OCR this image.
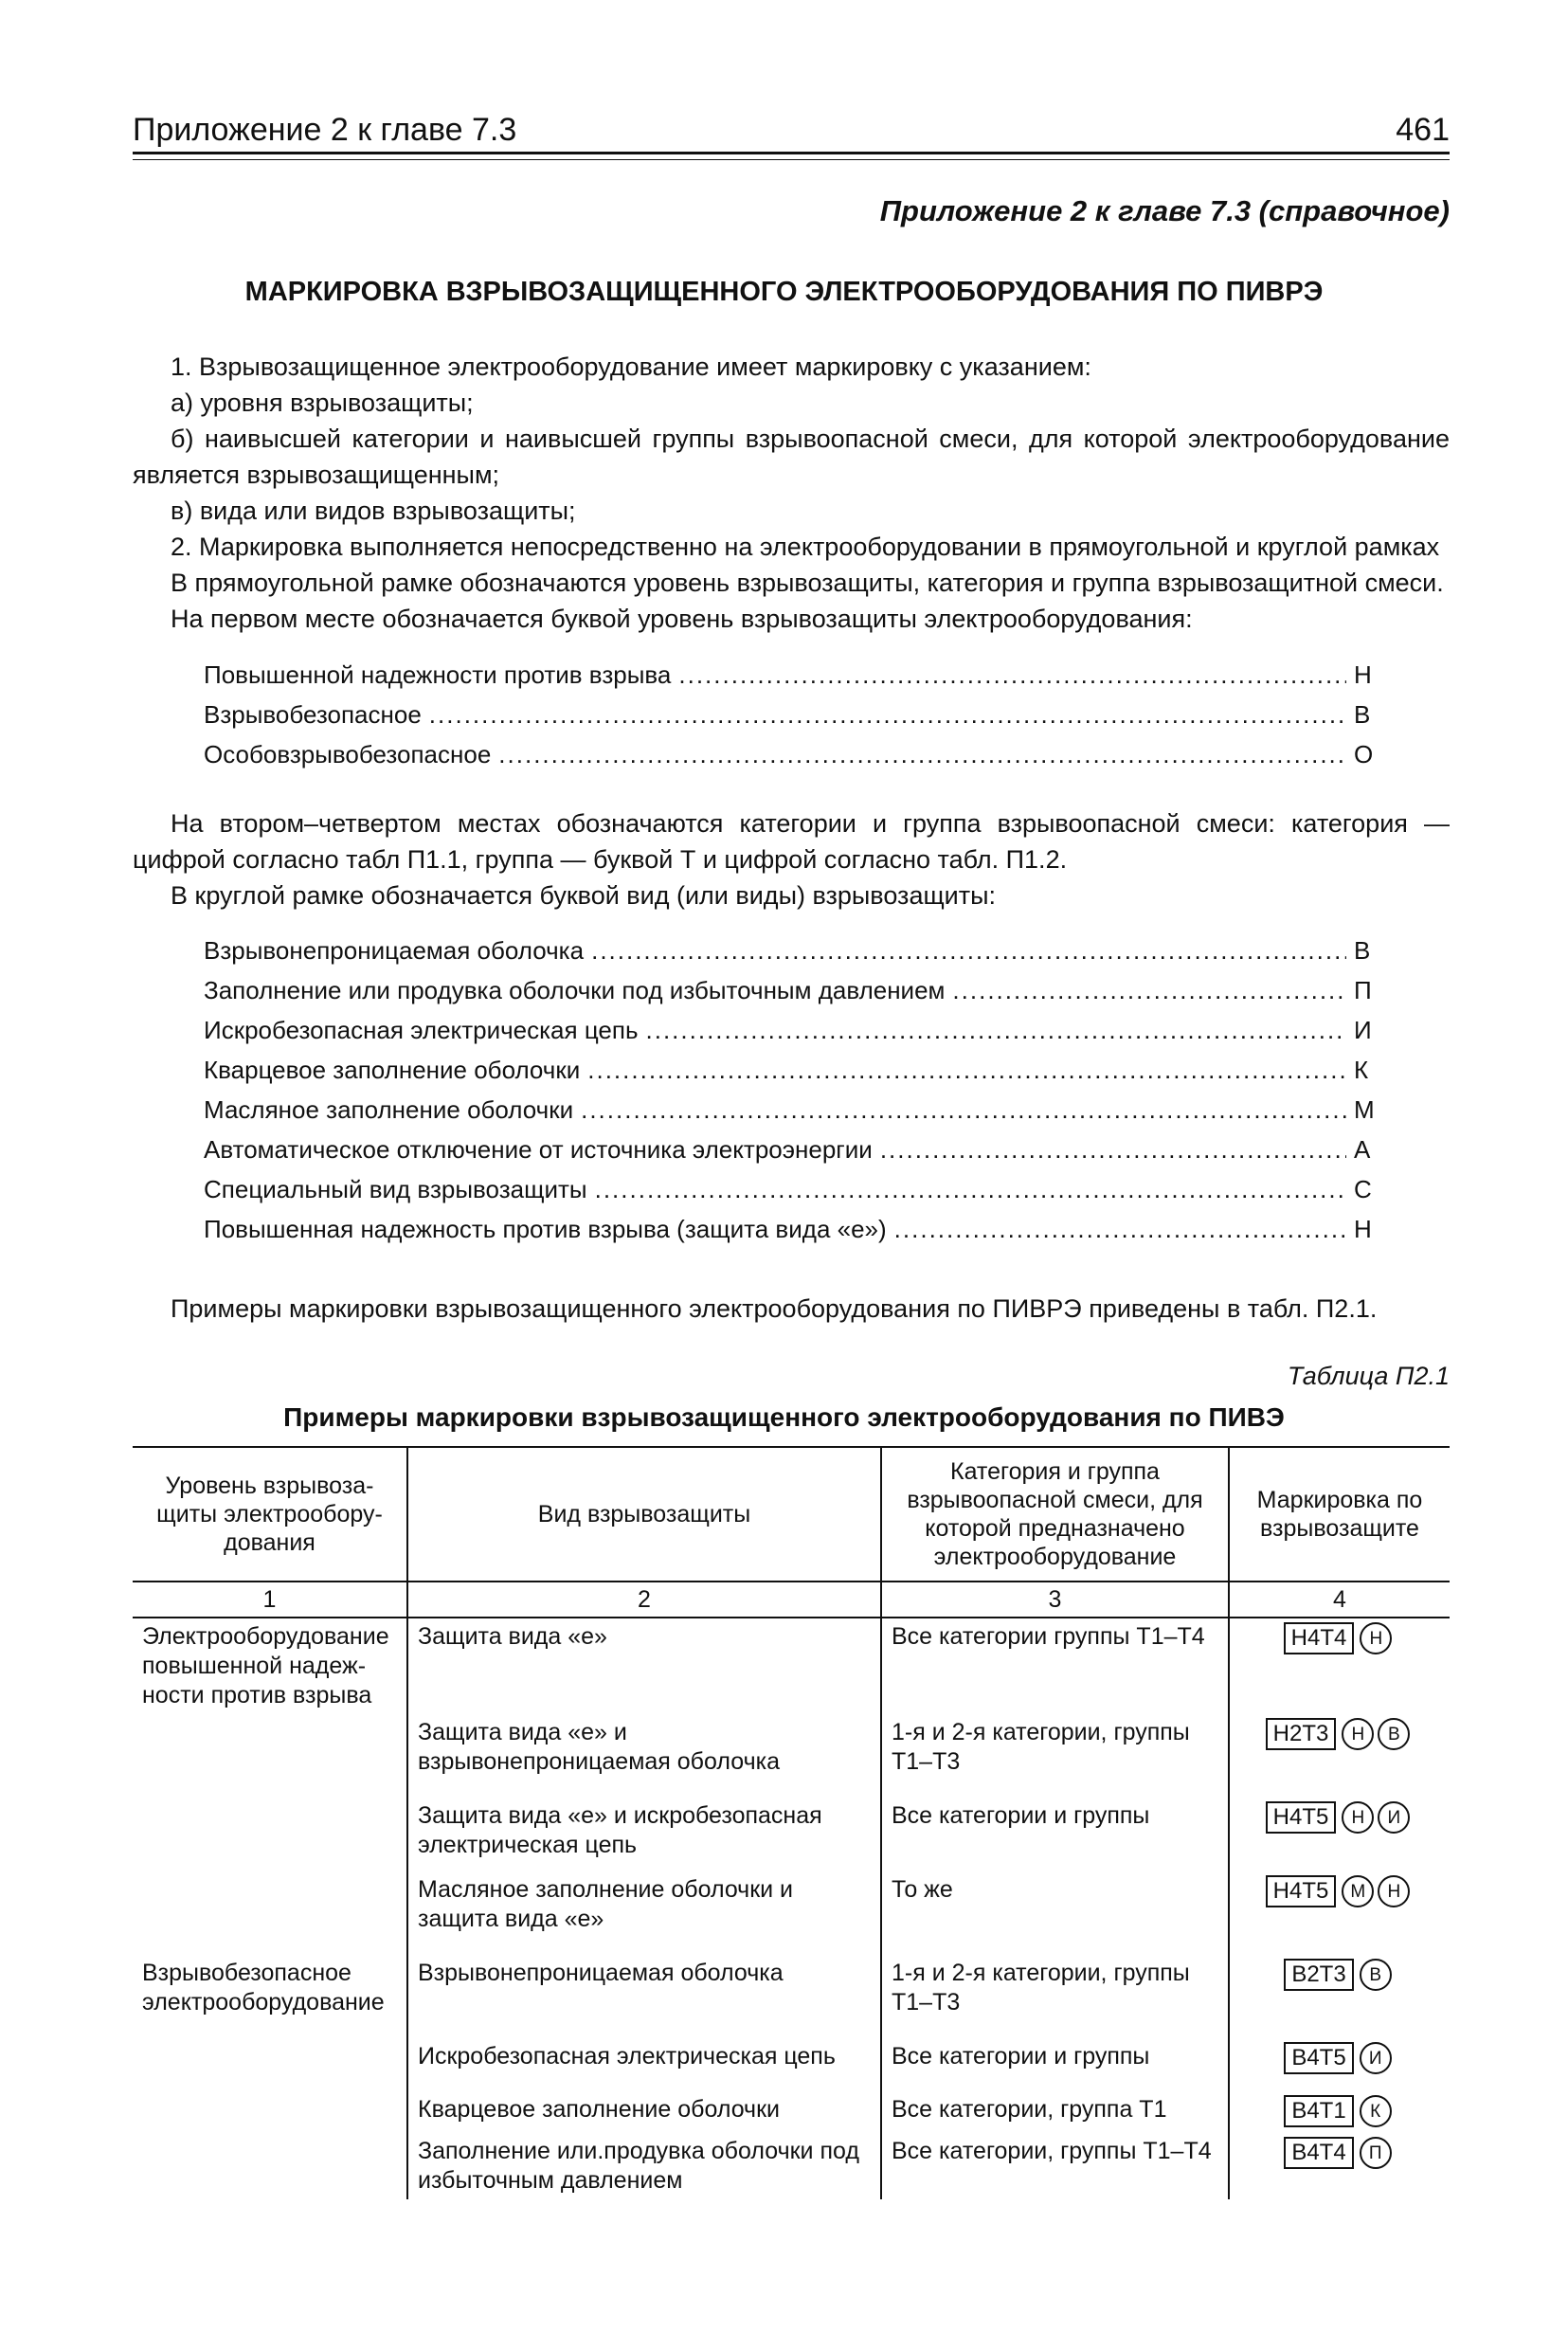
Приложение 2 к главе 7.3	461
Приложение 2 к главе 7.3 (справочное)
МАРКИРОВКА ВЗРЫВОЗАЩИЩЕННОГО ЭЛЕКТРООБОРУДОВАНИЯ ПО ПИВРЭ

1. Взрывозащищенное электрооборудование имеет маркировку с указанием:

а) уровня взрывозащиты;

б) наивысшей категории и наивысшей группы взрывоопасной смеси, для которой электрооборудование является взрывозащищенным;

в) вида или видов взрывозащиты;

2. Маркировка выполняется непосредственно на электрооборудовании в прямоугольной и круглой рамках

В прямоугольной рамке обозначаются уровень взрывозащиты, категория и группа взрывозащитной смеси.

На первом месте обозначается буквой уровень взрывозащиты электрооборудования:

Повышенной надежности против взрыва .....	Н
Взрывобезопасное .....	В
Особовзрывобезопасное .....	О

На втором–четвертом местах обозначаются категории и группа взрывоопасной смеси: категория — цифрой согласно табл П1.1, группа — буквой Т и цифрой согласно табл. П1.2.

В круглой рамке обозначается буквой вид (или виды) взрывозащиты:

Взрывонепроницаемая оболочка .....	В
Заполнение или продувка оболочки под избыточным давлением .....	П
Искробезопасная электрическая цепь .....	И
Кварцевое заполнение оболочки .....	К
Масляное заполнение оболочки .....	М
Автоматическое отключение от источника электроэнергии .....	А
Специальный вид взрывозащиты .....	С
Повышенная надежность против взрыва (защита вида «е») .....	Н

Примеры маркировки взрывозащищенного электрооборудования по ПИВРЭ приведены в табл. П2.1.

Таблица П2.1
Примеры маркировки взрывозащищенного электрооборудования по ПИВЭ
Уровень взрывозащиты электрооборудования	Вид взрывозащиты	Категория и группа взрывоопасной смеси, для которой предназначено электрооборудование	Маркировка по взрывозащите
1	2	3	4
Электрооборудование повышенной надежности против взрыва	Защита вида «е»	Все категории группы Т1–Т4	Н4Т4 Н
	Защита вида «е» и взрывонепроницаемая оболочка	1-я и 2-я категории, группы Т1–Т3	Н2Т3 Н В
	Защита вида «е» и искробезопасная электрическая цепь	Все категории и группы	Н4Т5 Н И
	Масляное заполнение оболочки и защита вида «е»	То же	Н4Т5 М Н
Взрывобезопасное электрооборудование	Взрывонепроницаемая оболочка	1-я и 2-я категории, группы Т1–Т3	В2Т3 В
	Искробезопасная электрическая цепь	Все категории и группы	В4Т5 И
	Кварцевое заполнение оболочки	Все категории, группа Т1	В4Т1 К
	Заполнение или.продувка оболочки под избыточным давлением	Все категории, группы Т1–Т4	В4Т4 П
